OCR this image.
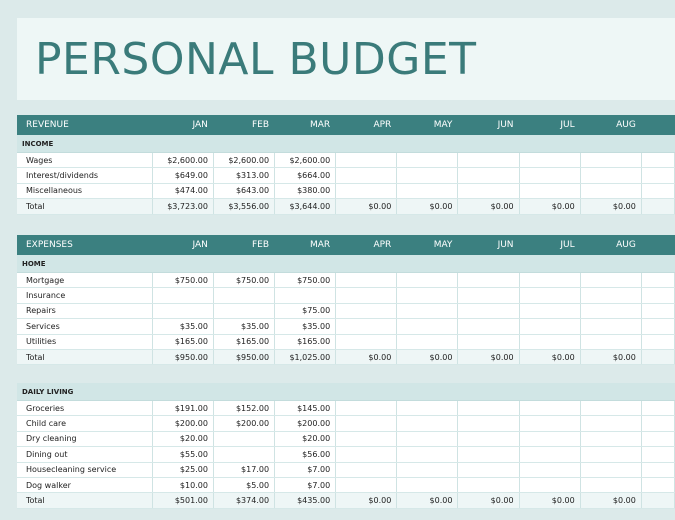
PERSONAL BUDGET
REVENUE	JAN	FEB	MAR	APR	MAY	JUN	JUL	AUG	
INCOME									
Wages	$2,600.00	$2,600.00	$2,600.00						
Interest/dividends	$649.00	$313.00	$664.00						
Miscellaneous	$474.00	$643.00	$380.00						
Total	$3,723.00	$3,556.00	$3,644.00	$0.00	$0.00	$0.00	$0.00	$0.00	
EXPENSES	JAN	FEB	MAR	APR	MAY	JUN	JUL	AUG	
HOME									
Mortgage	$750.00	$750.00	$750.00						
Insurance									
Repairs			$75.00						
Services	$35.00	$35.00	$35.00						
Utilities	$165.00	$165.00	$165.00						
Total	$950.00	$950.00	$1,025.00	$0.00	$0.00	$0.00	$0.00	$0.00	
DAILY LIVING									
Groceries	$191.00	$152.00	$145.00						
Child care	$200.00	$200.00	$200.00						
Dry cleaning	$20.00		$20.00						
Dining out	$55.00		$56.00						
Housecleaning service	$25.00	$17.00	$7.00						
Dog walker	$10.00	$5.00	$7.00						
Total	$501.00	$374.00	$435.00	$0.00	$0.00	$0.00	$0.00	$0.00	
